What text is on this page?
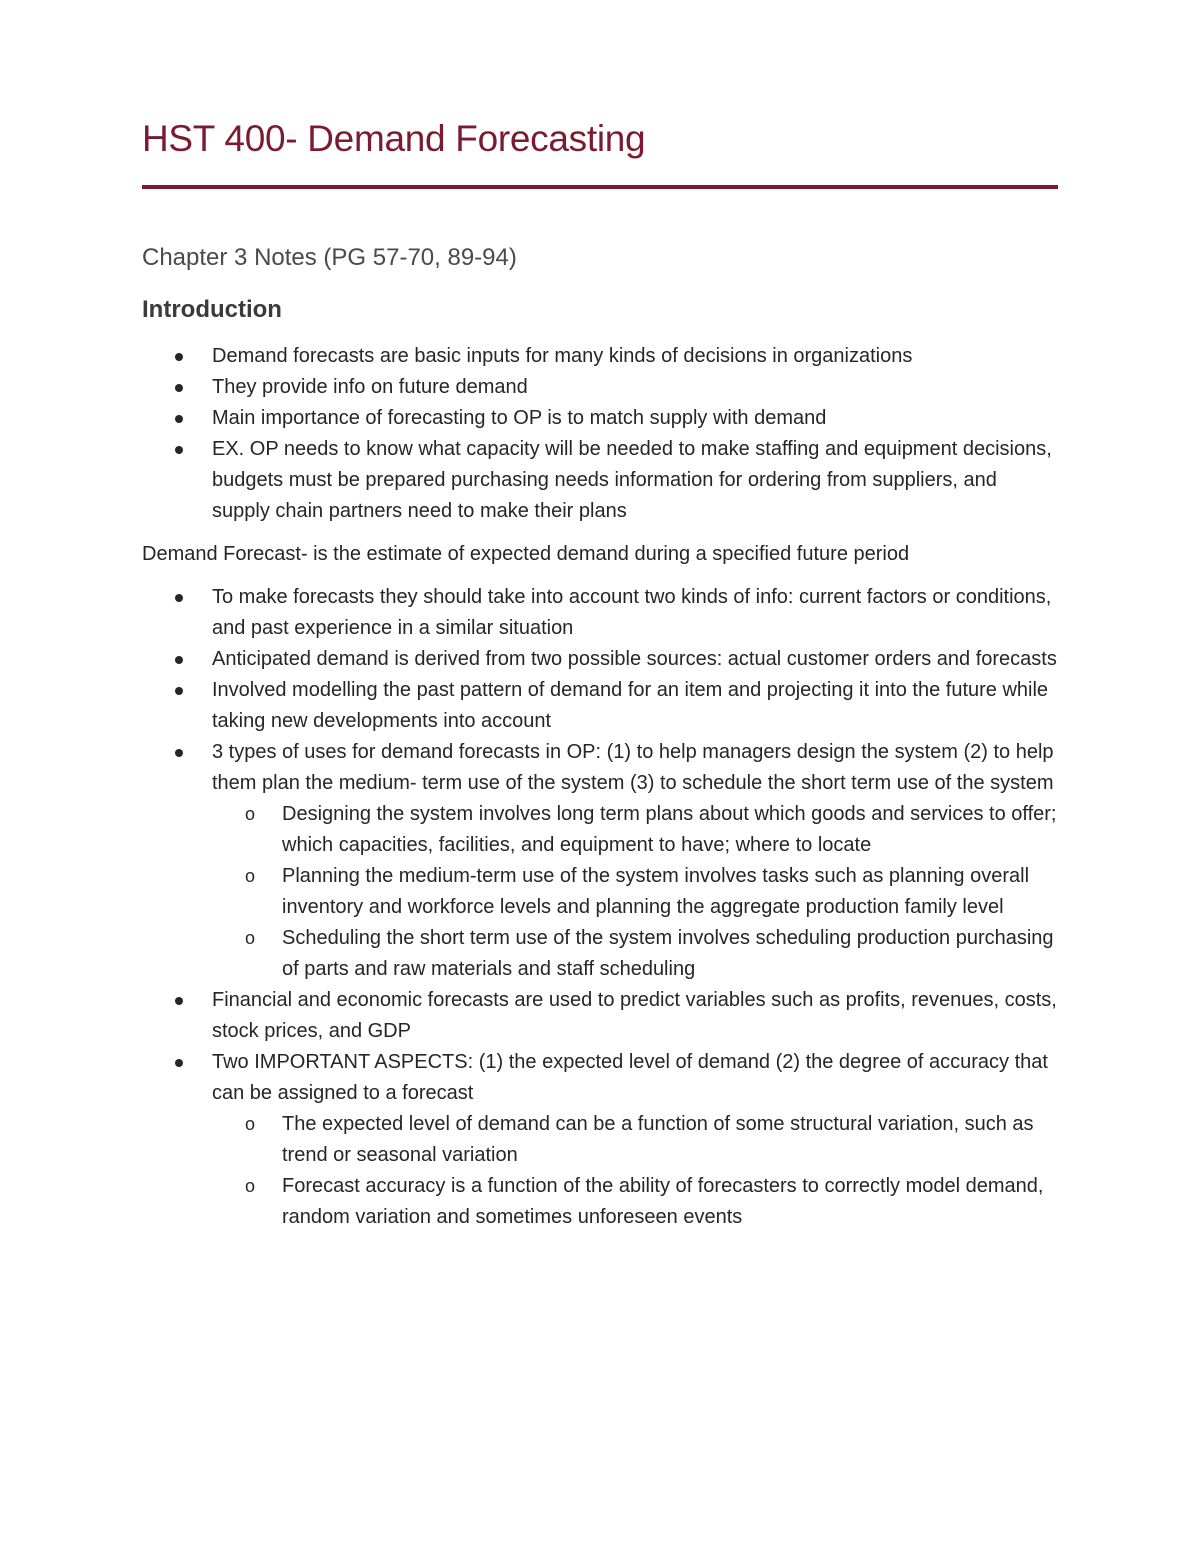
HST 400- Demand Forecasting
Chapter 3 Notes (PG 57-70, 89-94)
Introduction
Demand forecasts are basic inputs for many kinds of decisions in organizations
They provide info on future demand
Main importance of forecasting to OP is to match supply with demand
EX. OP needs to know what capacity will be needed to make staffing and equipment decisions, budgets must be prepared purchasing needs information for ordering from suppliers, and supply chain partners need to make their plans

Demand Forecast- is the estimate of expected demand during a specified future period

To make forecasts they should take into account two kinds of info: current factors or conditions, and past experience in a similar situation
Anticipated demand is derived from two possible sources: actual customer orders and forecasts
Involved modelling the past pattern of demand for an item and projecting it into the future while taking new developments into account
3 types of uses for demand forecasts in OP: (1) to help managers design the system (2) to help them plan the medium- term use of the system (3) to schedule the short term use of the system
o Designing the system involves long term plans about which goods and services to offer; which capacities, facilities, and equipment to have; where to locate
o Planning the medium-term use of the system involves tasks such as planning overall inventory and workforce levels and planning the aggregate production family level
o Scheduling the short term use of the system involves scheduling production purchasing of parts and raw materials and staff scheduling
Financial and economic forecasts are used to predict variables such as profits, revenues, costs, stock prices, and GDP
Two IMPORTANT ASPECTS: (1) the expected level of demand (2) the degree of accuracy that can be assigned to a forecast
o The expected level of demand can be a function of some structural variation, such as trend or seasonal variation
o Forecast accuracy is a function of the ability of forecasters to correctly model demand, random variation and sometimes unforeseen events
